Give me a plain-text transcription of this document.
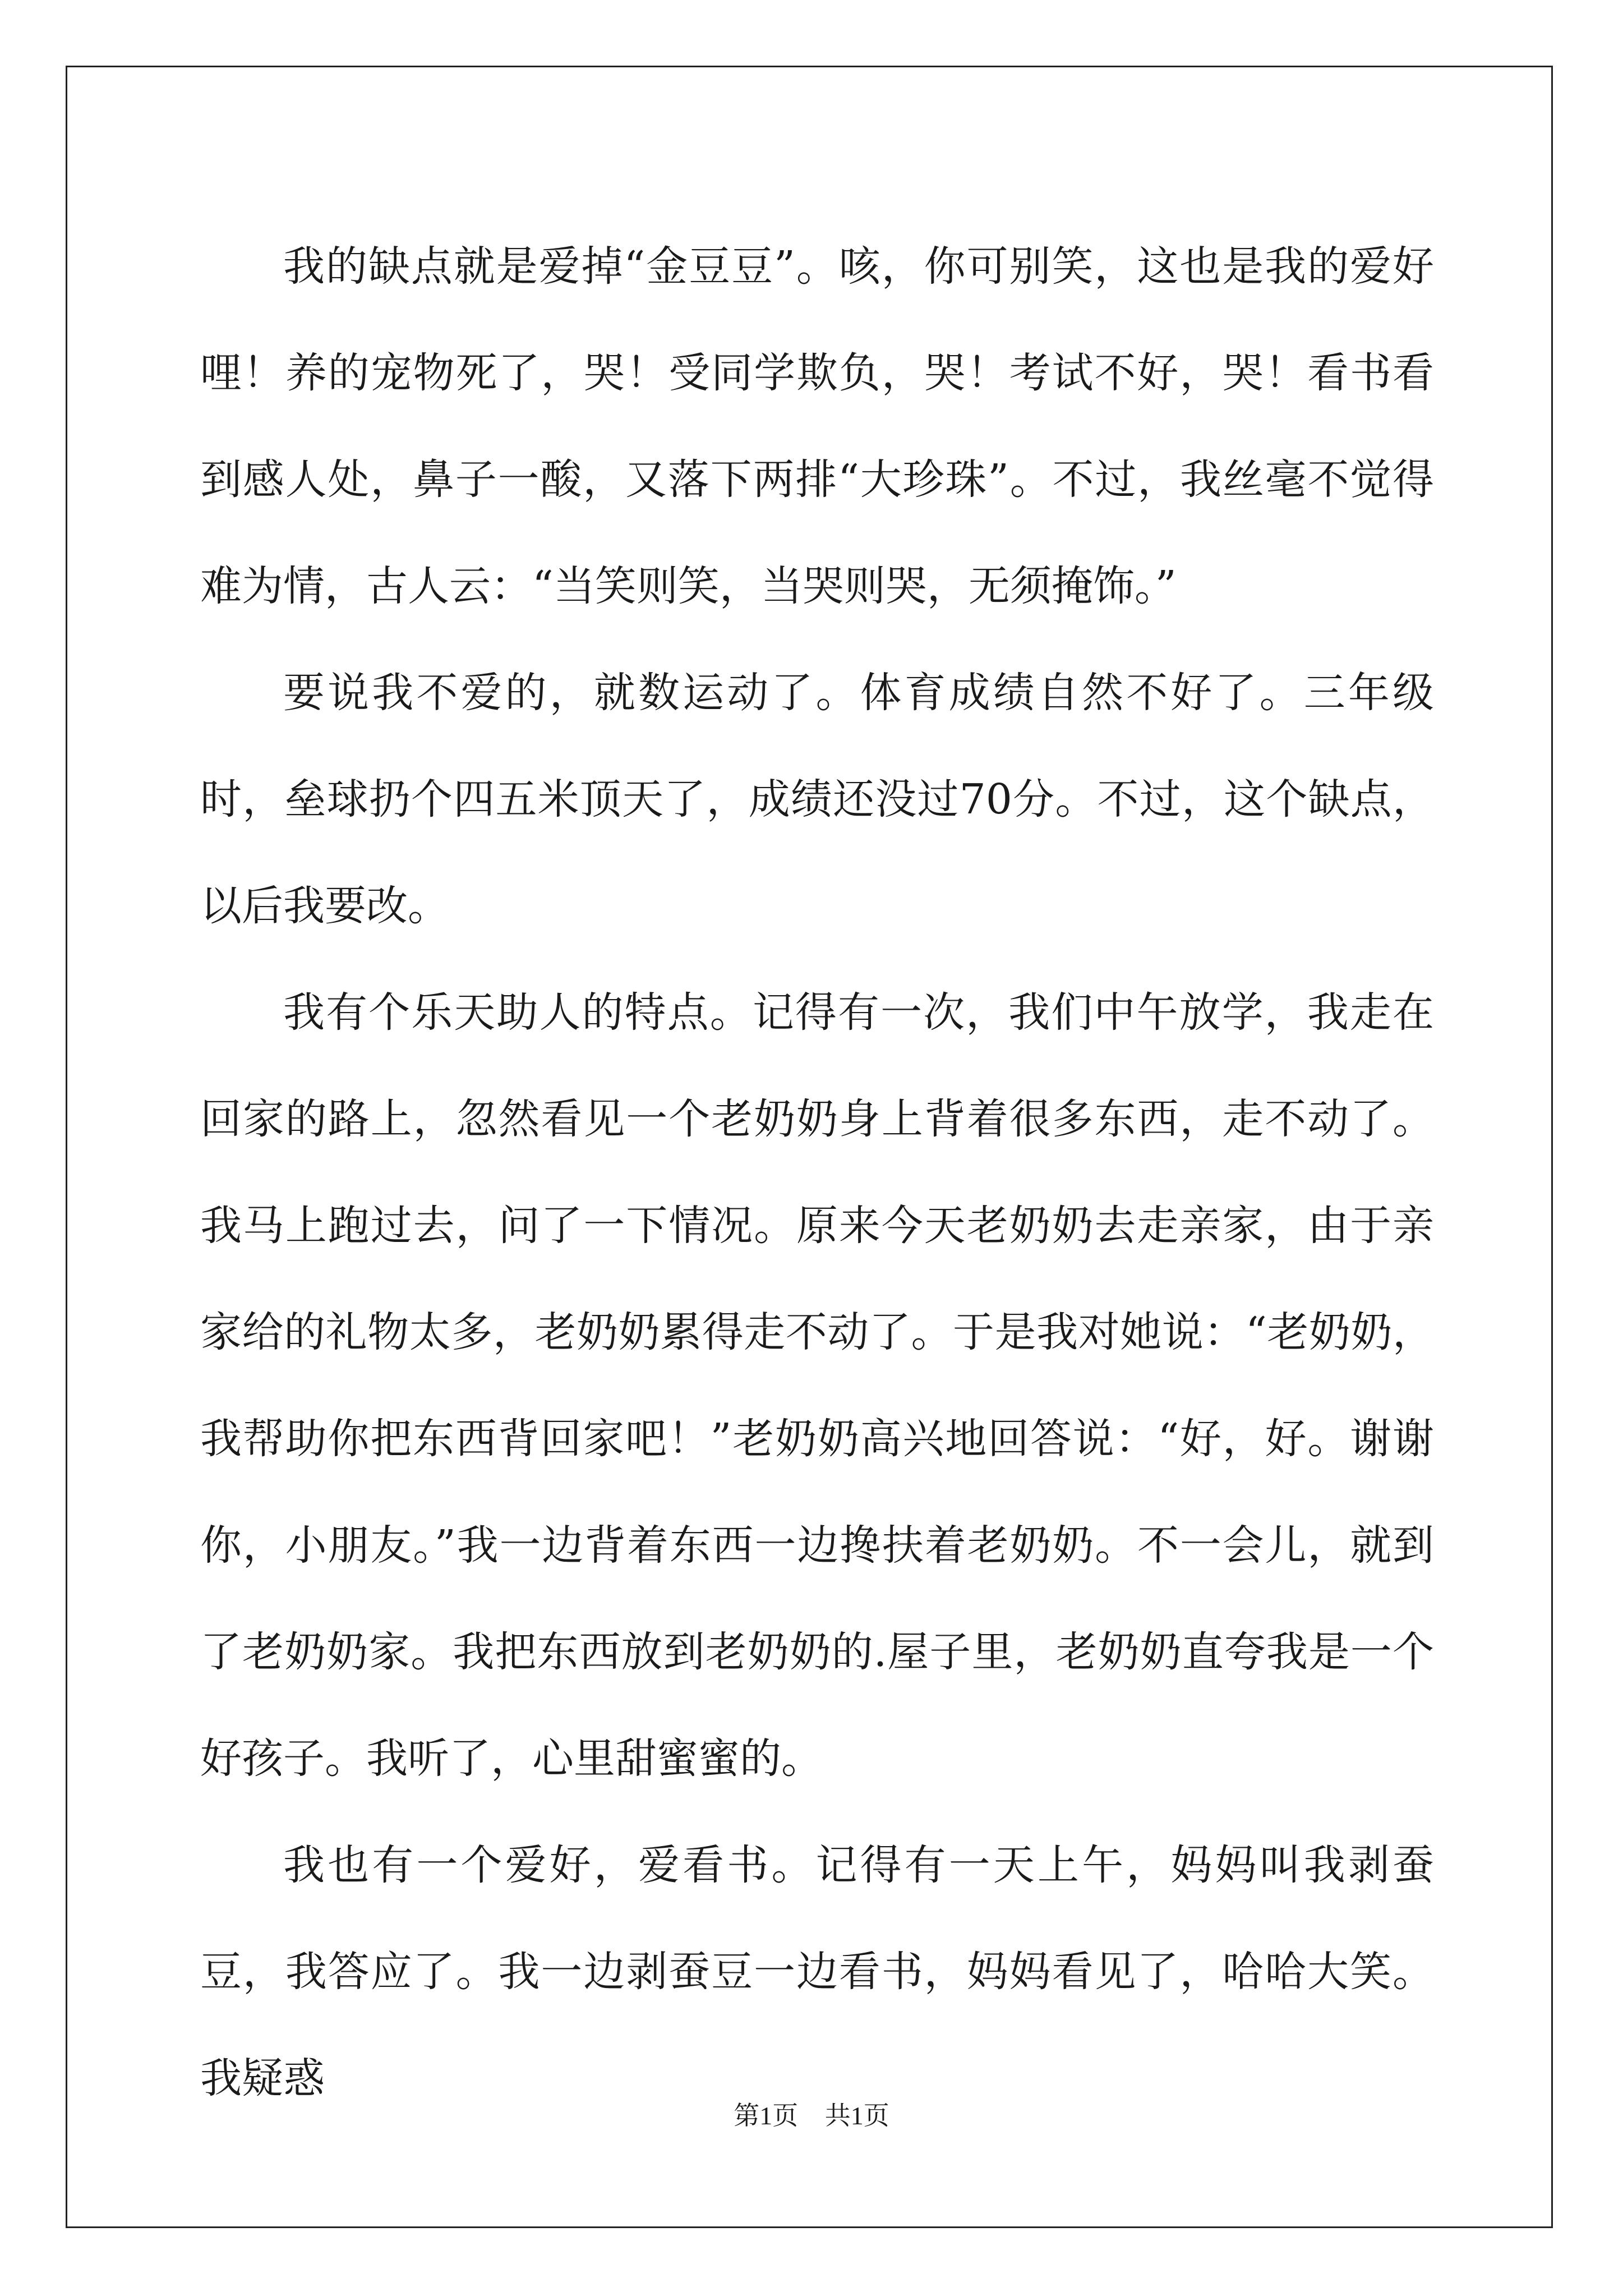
我的缺点就是爱掉“金豆豆”。咳，你可别笑，这也是我的爱好哩！养的宠物死了，哭！受同学欺负，哭！考试不好，哭！看书看到感人处，鼻子一酸，又落下两排“大珍珠”。不过，我丝毫不觉得难为情，古人云：“当笑则笑，当哭则哭，无须掩饰。”

要说我不爱的，就数运动了。体育成绩自然不好了。三年级时，垒球扔个四五米顶天了，成绩还没过70分。不过，这个缺点，以后我要改。

我有个乐天助人的特点。记得有一次，我们中午放学，我走在回家的路上，忽然看见一个老奶奶身上背着很多东西，走不动了。我马上跑过去，问了一下情况。原来今天老奶奶去走亲家，由于亲家给的礼物太多，老奶奶累得走不动了。于是我对她说：“老奶奶，我帮助你把东西背回家吧！”老奶奶高兴地回答说：“好，好。谢谢你，小朋友。”我一边背着东西一边搀扶着老奶奶。不一会儿，就到了老奶奶家。我把东西放到老奶奶的.屋子里，老奶奶直夸我是一个好孩子。我听了，心里甜蜜蜜的。

我也有一个爱好，爱看书。记得有一天上午，妈妈叫我剥蚕豆，我答应了。我一边剥蚕豆一边看书，妈妈看见了，哈哈大笑。我疑惑

第1页 共1页
